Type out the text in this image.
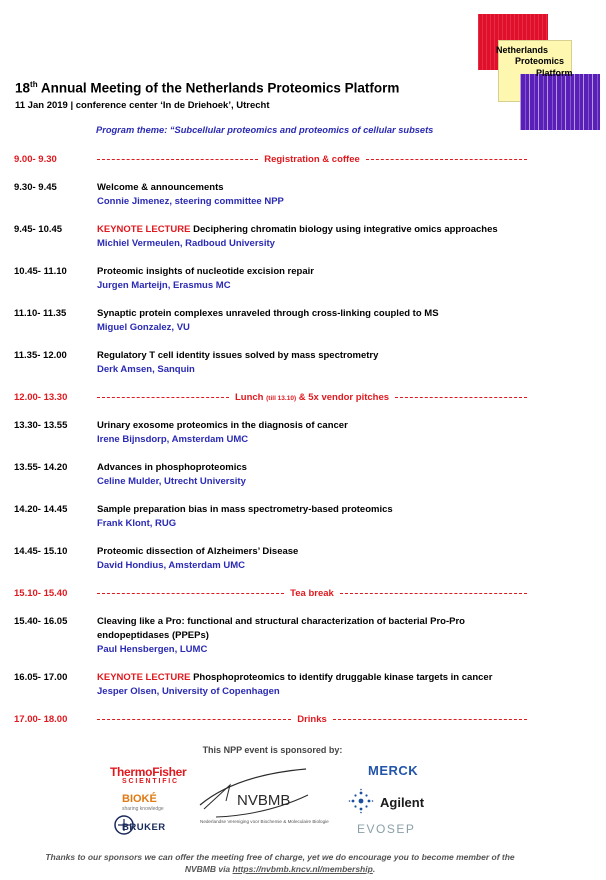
Netherlands
Proteomics
Platform
18th Annual Meeting of the Netherlands Proteomics Platform
11 Jan 2019 | conference center ‘In de Driehoek’, Utrecht
Program theme: “Subcellular proteomics and proteomics of cellular subsets
9.00- 9.30	Registration & coffee
9.30- 9.45	Welcome & announcements
Connie Jimenez, steering committee NPP
9.45- 10.45	KEYNOTE LECTURE Deciphering chromatin biology using integrative omics approaches
Michiel Vermeulen, Radboud University
10.45- 11.10	Proteomic insights of nucleotide excision repair
Jurgen Marteijn, Erasmus MC
11.10- 11.35	Synaptic protein complexes unraveled through cross-linking coupled to MS
Miguel Gonzalez, VU
11.35- 12.00	Regulatory T cell identity issues solved by mass spectrometry
Derk Amsen, Sanquin
12.00- 13.30	Lunch (till 13.10) & 5x vendor pitches
13.30- 13.55	Urinary exosome proteomics in the diagnosis of cancer
Irene Bijnsdorp, Amsterdam UMC
13.55- 14.20	Advances in phosphoproteomics
Celine Mulder, Utrecht University
14.20- 14.45	Sample preparation bias in mass spectrometry-based proteomics
Frank Klont, RUG
14.45- 15.10	Proteomic dissection of Alzheimers’ Disease
David Hondius, Amsterdam UMC
15.10- 15.40	Tea break
15.40- 16.05	Cleaving like a Pro: functional and structural characterization of bacterial Pro-Pro
endopeptidases (PPEPs)
Paul Hensbergen, LUMC
16.05- 17.00	KEYNOTE LECTURE Phosphoproteomics to identify druggable kinase targets in cancer
Jesper Olsen, University of Copenhagen
17.00- 18.00	Drinks
This NPP event is sponsored by:
ThermoFisher
SCIENTIFIC
BIOKÉ
sharing knowledge
BRUKER
NVBMB
Nederlandse Vereniging voor Biochemie & Moleculaire Biologie
MERCK
Agilent
EVOSEP
Thanks to our sponsors we can offer the meeting free of charge, yet we do encourage you to become member of the
NVBMB via https://nvbmb.kncv.nl/membership.
